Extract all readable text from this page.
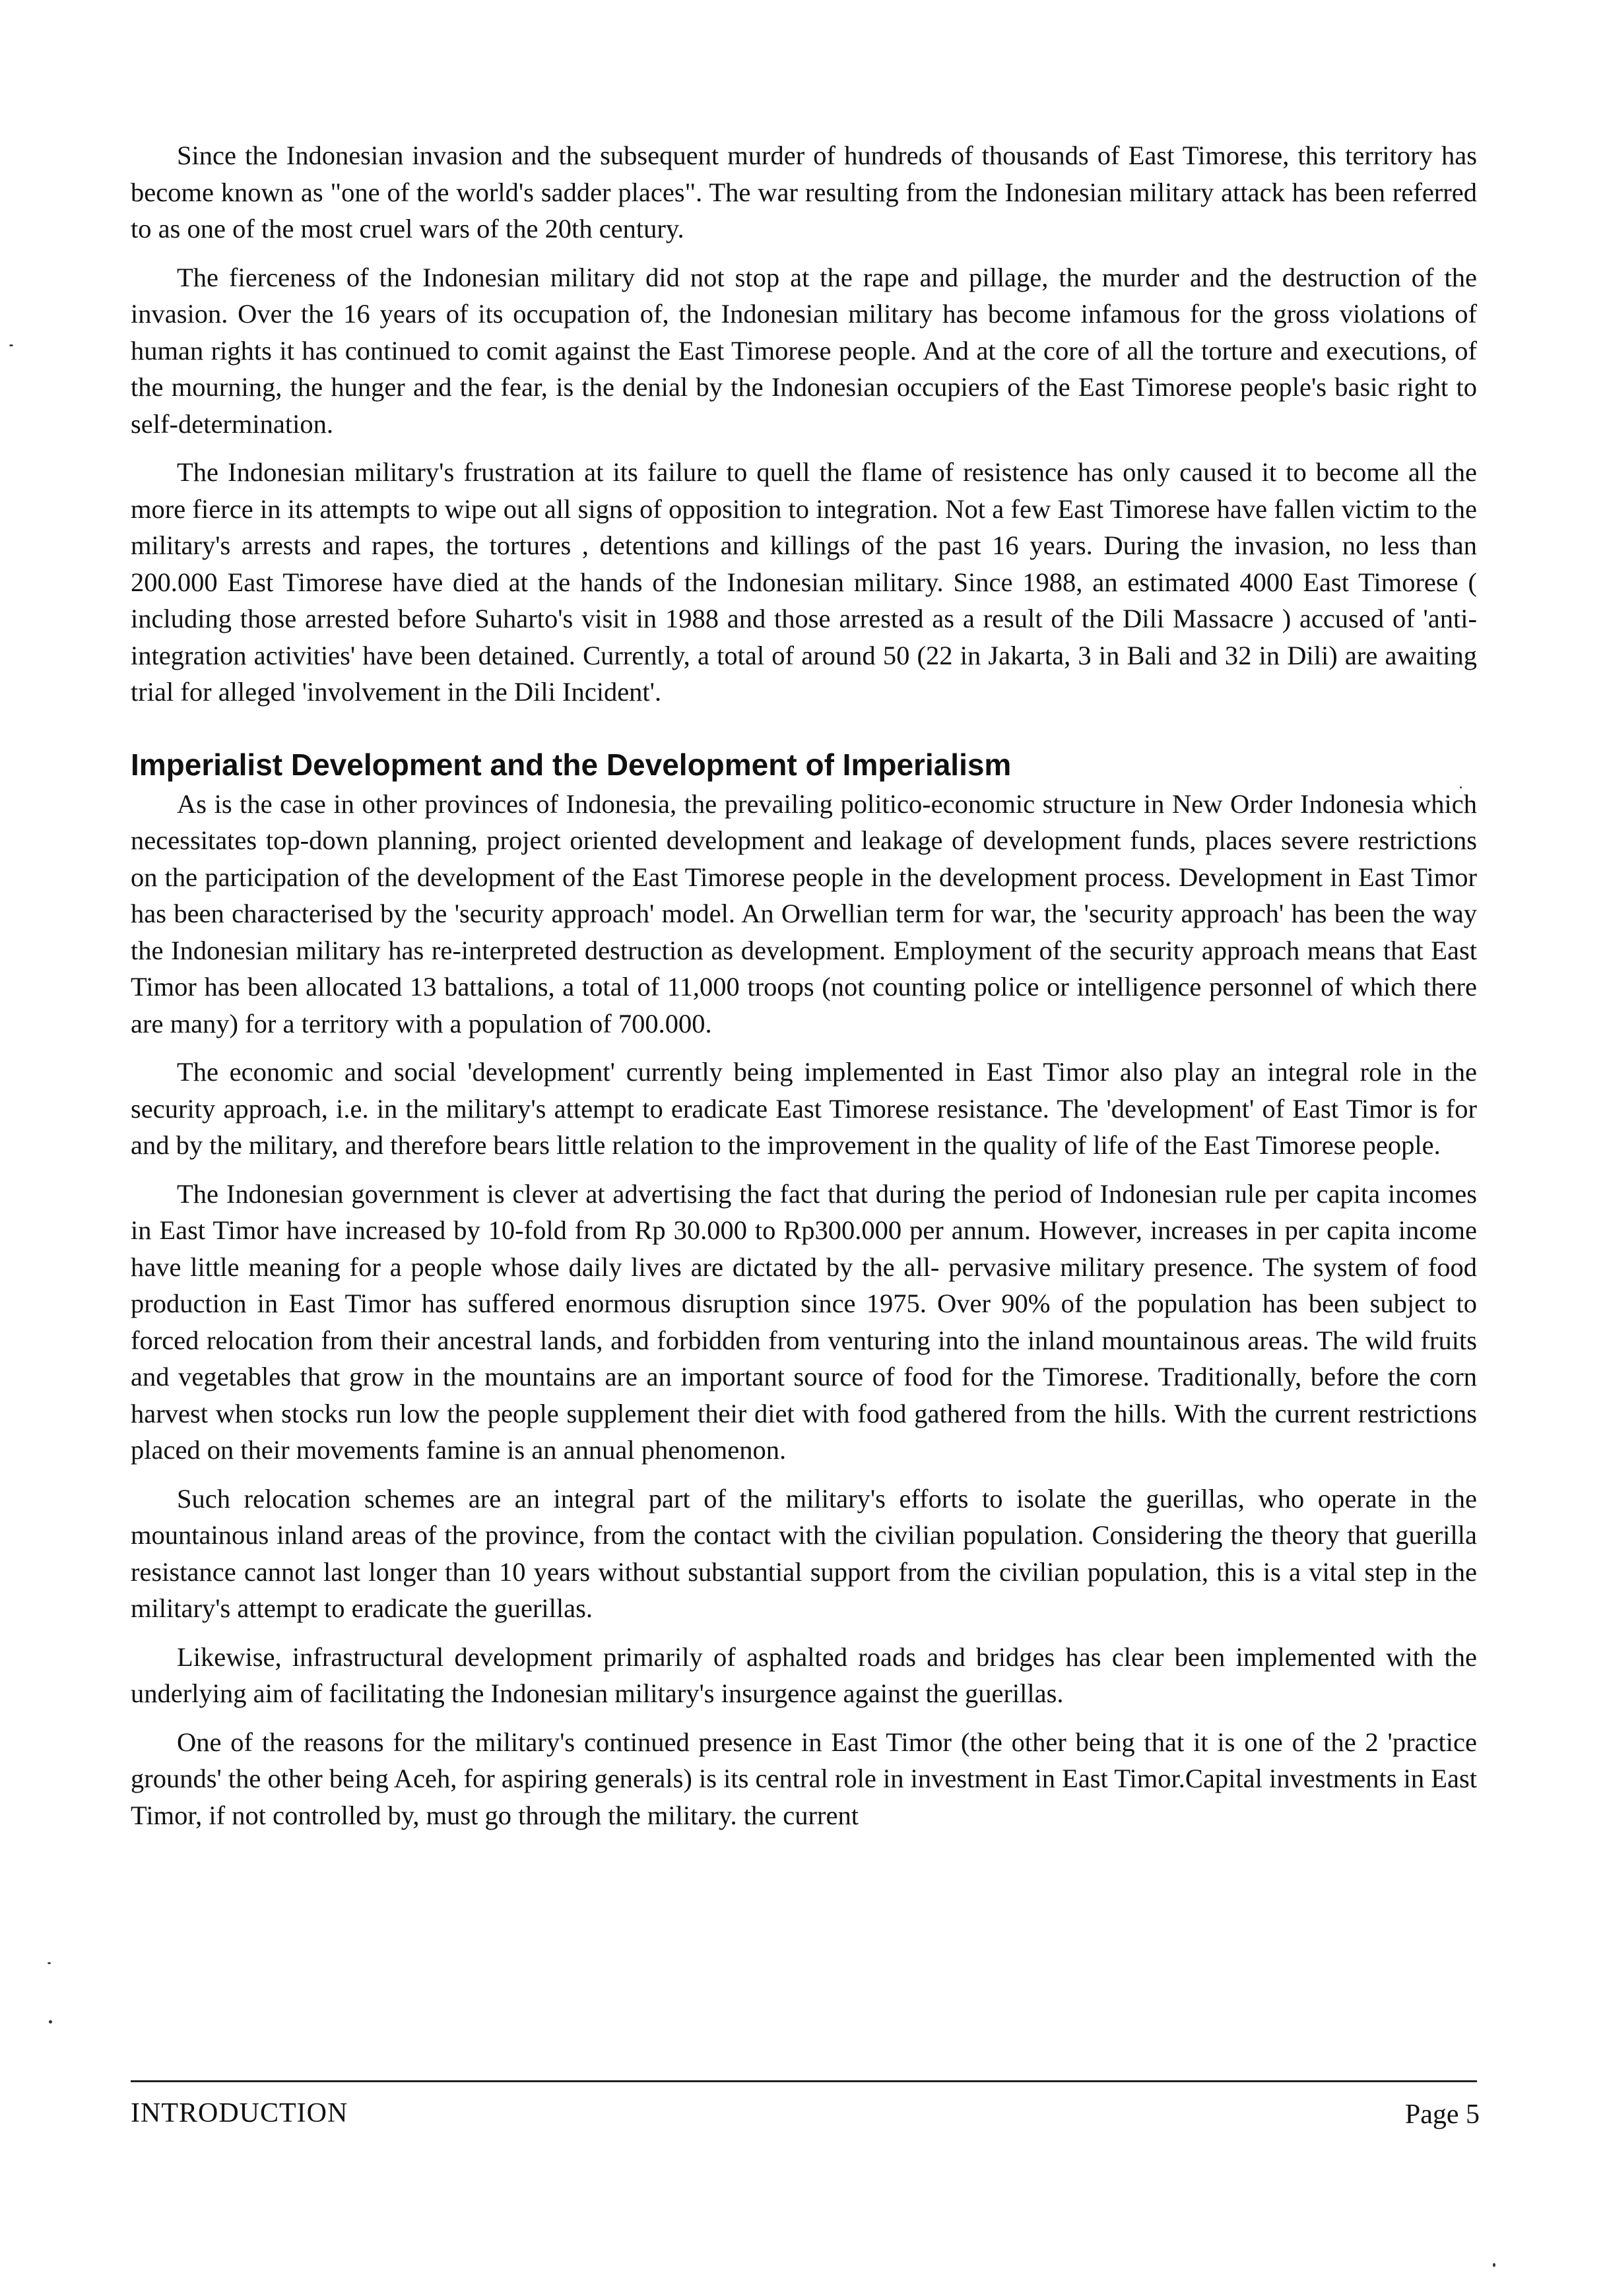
Since the Indonesian invasion and the subsequent murder of hundreds of thousands of East Timorese, this territory has become known as "one of the world's sadder places". The war resulting from the Indonesian military attack has been referred to as one of the most cruel wars of the 20th century.

The fierceness of the Indonesian military did not stop at the rape and pillage, the murder and the destruction of the invasion. Over the 16 years of its occupation of, the Indonesian military has become infamous for the gross violations of human rights it has continued to comit against the East Timorese people. And at the core of all the torture and executions, of the mourning, the hunger and the fear, is the denial by the Indonesian occupiers of the East Timorese people's basic right to self-determination.

The Indonesian military's frustration at its failure to quell the flame of resistence has only caused it to become all the more fierce in its attempts to wipe out all signs of opposition to integration. Not a few East Timorese have fallen victim to the military's arrests and rapes, the tortures , detentions and killings of the past 16 years. During the invasion, no less than 200.000 East Timorese have died at the hands of the Indonesian military. Since 1988, an estimated 4000 East Timorese ( including those arrested before Suharto's visit in 1988 and those arrested as a result of the Dili Massacre ) accused of 'anti-integration activities' have been detained. Currently, a total of around 50 (22 in Jakarta, 3 in Bali and 32 in Dili) are awaiting trial for alleged 'involvement in the Dili Incident'.

Imperialist Development and the Development of Imperialism

As is the case in other provinces of Indonesia, the prevailing politico-economic structure in New Order Indonesia which necessitates top-down planning, project oriented development and leakage of development funds, places severe restrictions on the participation of the development of the East Timorese people in the development process. Development in East Timor has been characterised by the 'security approach' model. An Orwellian term for war, the 'security approach' has been the way the Indonesian military has re-interpreted destruction as development. Employment of the security approach means that East Timor has been allocated 13 battalions, a total of 11,000 troops (not counting police or intelligence personnel of which there are many) for a territory with a population of 700.000.

The economic and social 'development' currently being implemented in East Timor also play an integral role in the security approach, i.e. in the military's attempt to eradicate East Timorese resistance. The 'development' of East Timor is for and by the military, and therefore bears little relation to the improvement in the quality of life of the East Timorese people.

The Indonesian government is clever at advertising the fact that during the period of Indonesian rule per capita incomes in East Timor have increased by 10-fold from Rp 30.000 to Rp300.000 per annum. However, increases in per capita income have little meaning for a people whose daily lives are dictated by the all- pervasive military presence. The system of food production in East Timor has suffered enormous disruption since 1975. Over 90% of the population has been subject to forced relocation from their ancestral lands, and forbidden from venturing into the inland mountainous areas. The wild fruits and vegetables that grow in the mountains are an important source of food for the Timorese. Traditionally, before the corn harvest when stocks run low the people supplement their diet with food gathered from the hills. With the current restrictions placed on their movements famine is an annual phenomenon.

Such relocation schemes are an integral part of the military's efforts to isolate the guerillas, who operate in the mountainous inland areas of the province, from the contact with the civilian population. Considering the theory that guerilla resistance cannot last longer than 10 years without substantial support from the civilian population, this is a vital step in the military's attempt to eradicate the guerillas.

Likewise, infrastructural development primarily of asphalted roads and bridges has clear been implemented with the underlying aim of facilitating the Indonesian military's insurgence against the guerillas.

One of the reasons for the military's continued presence in East Timor (the other being that it is one of the 2 'practice grounds' the other being Aceh, for aspiring generals) is its central role in investment in East Timor.Capital investments in East Timor, if not controlled by, must go through the military. the current

INTRODUCTION	Page 5
